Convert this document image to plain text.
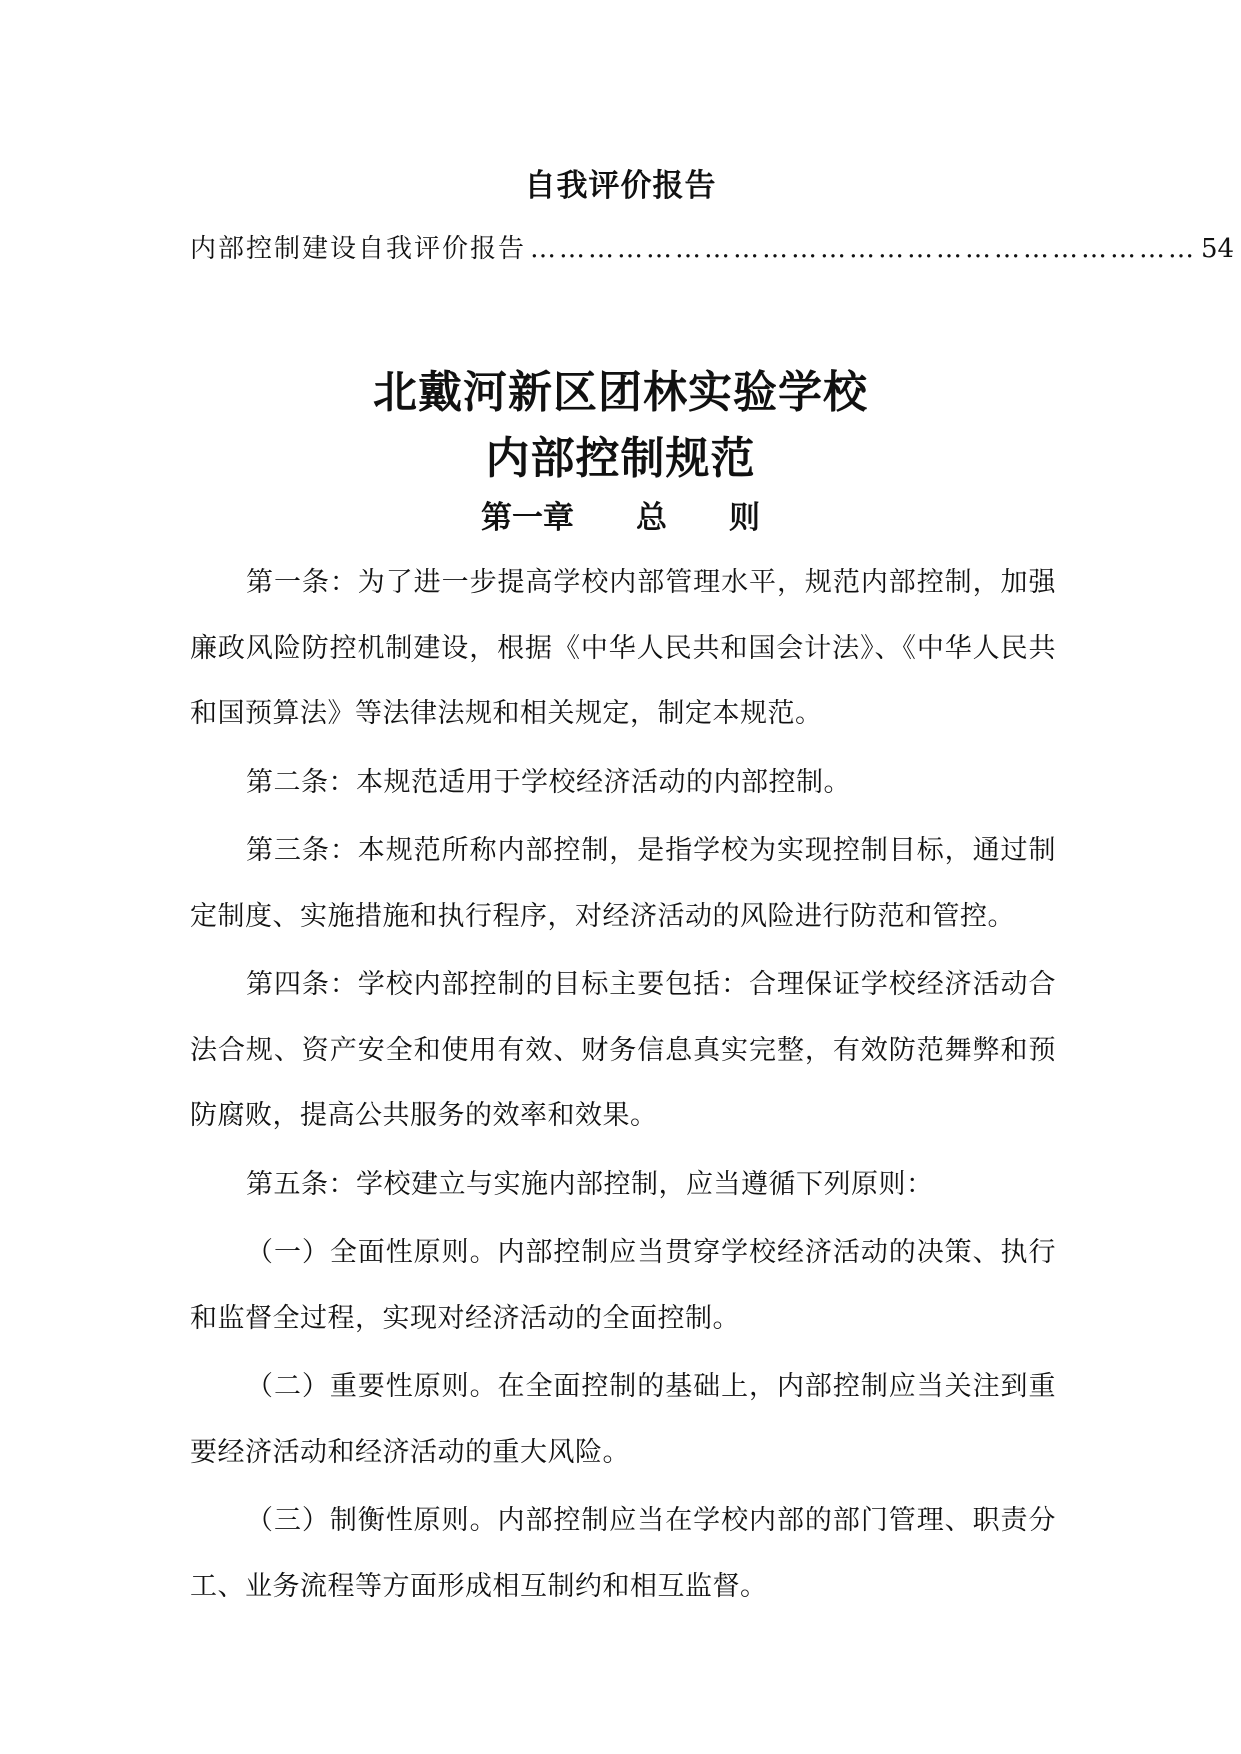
自我评价报告
内部控制建设自我评价报告 …………………………………………………………… 54
北戴河新区团林实验学校
内部控制规范
第一章　　总　　则

第一条：为了进一步提高学校内部管理水平，规范内部控制，加强廉政风险防控机制建设，根据《中华人民共和国会计法》、《中华人民共和国预算法》等法律法规和相关规定，制定本规范。

第二条：本规范适用于学校经济活动的内部控制。

第三条：本规范所称内部控制，是指学校为实现控制目标，通过制定制度、实施措施和执行程序，对经济活动的风险进行防范和管控。

第四条：学校内部控制的目标主要包括：合理保证学校经济活动合法合规、资产安全和使用有效、财务信息真实完整，有效防范舞弊和预防腐败，提高公共服务的效率和效果。

第五条：学校建立与实施内部控制，应当遵循下列原则：

（一）全面性原则。内部控制应当贯穿学校经济活动的决策、执行和监督全过程，实现对经济活动的全面控制。

（二）重要性原则。在全面控制的基础上，内部控制应当关注到重要经济活动和经济活动的重大风险。

（三）制衡性原则。内部控制应当在学校内部的部门管理、职责分工、业务流程等方面形成相互制约和相互监督。
